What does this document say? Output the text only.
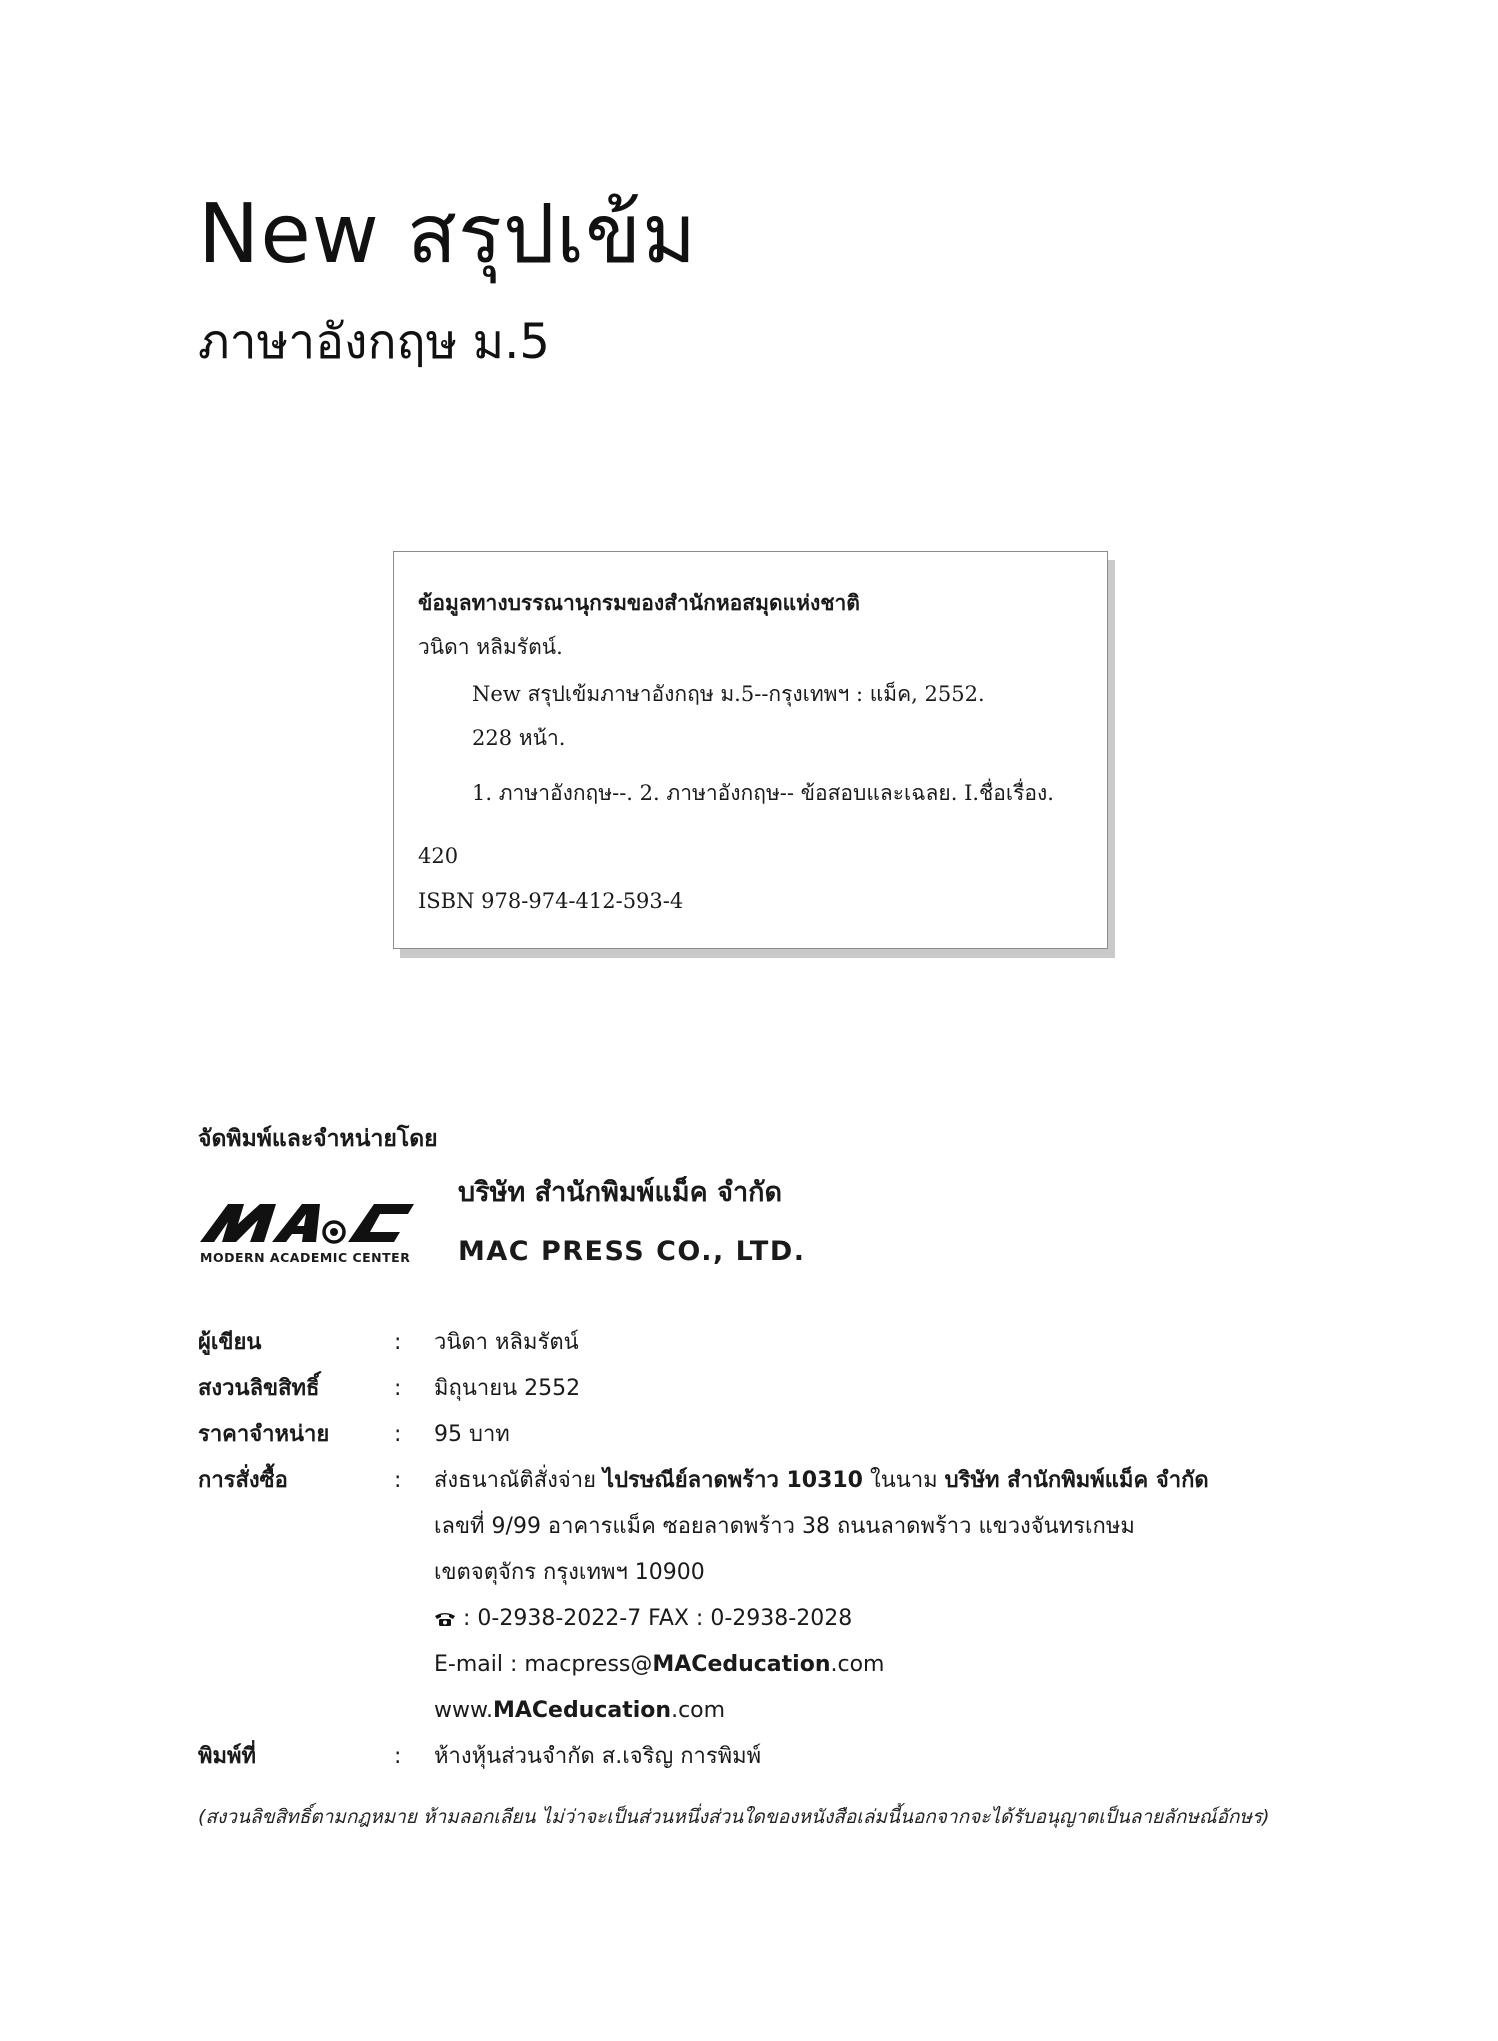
New สรุปเข้ม
ภาษาอังกฤษ ม.5
ข้อมูลทางบรรณานุกรมของสำนักหอสมุดแห่งชาติ
วนิดา หลิมรัตน์.
New สรุปเข้มภาษาอังกฤษ ม.5--กรุงเทพฯ : แม็ค, 2552.
228 หน้า.
1. ภาษาอังกฤษ--. 2. ภาษาอังกฤษ-- ข้อสอบและเฉลย. I.ชื่อเรื่อง.
420
ISBN 978-974-412-593-4
จัดพิมพ์และจำหน่ายโดย
MODERN ACADEMIC CENTER
บริษัท สำนักพิมพ์แม็ค จำกัด
MAC PRESS CO., LTD.
ผู้เขียน	: วนิดา หลิมรัตน์
สงวนลิขสิทธิ์	: มิถุนายน 2552
ราคาจำหน่าย	: 95 บาท
การสั่งซื้อ	: ส่งธนาณัติสั่งจ่าย ไปรษณีย์ลาดพร้าว 10310 ในนาม บริษัท สำนักพิมพ์แม็ค จำกัด
เลขที่ 9/99 อาคารแม็ค ซอยลาดพร้าว 38 ถนนลาดพร้าว แขวงจันทรเกษม
เขตจตุจักร กรุงเทพฯ 10900
: 0-2938-2022-7 FAX : 0-2938-2028
E-mail : macpress@MACeducation.com
www.MACeducation.com
พิมพ์ที่	: ห้างหุ้นส่วนจำกัด ส.เจริญ การพิมพ์
(สงวนลิขสิทธิ์ตามกฎหมาย ห้ามลอกเลียน ไม่ว่าจะเป็นส่วนหนึ่งส่วนใดของหนังสือเล่มนี้นอกจากจะได้รับอนุญาตเป็นลายลักษณ์อักษร)
